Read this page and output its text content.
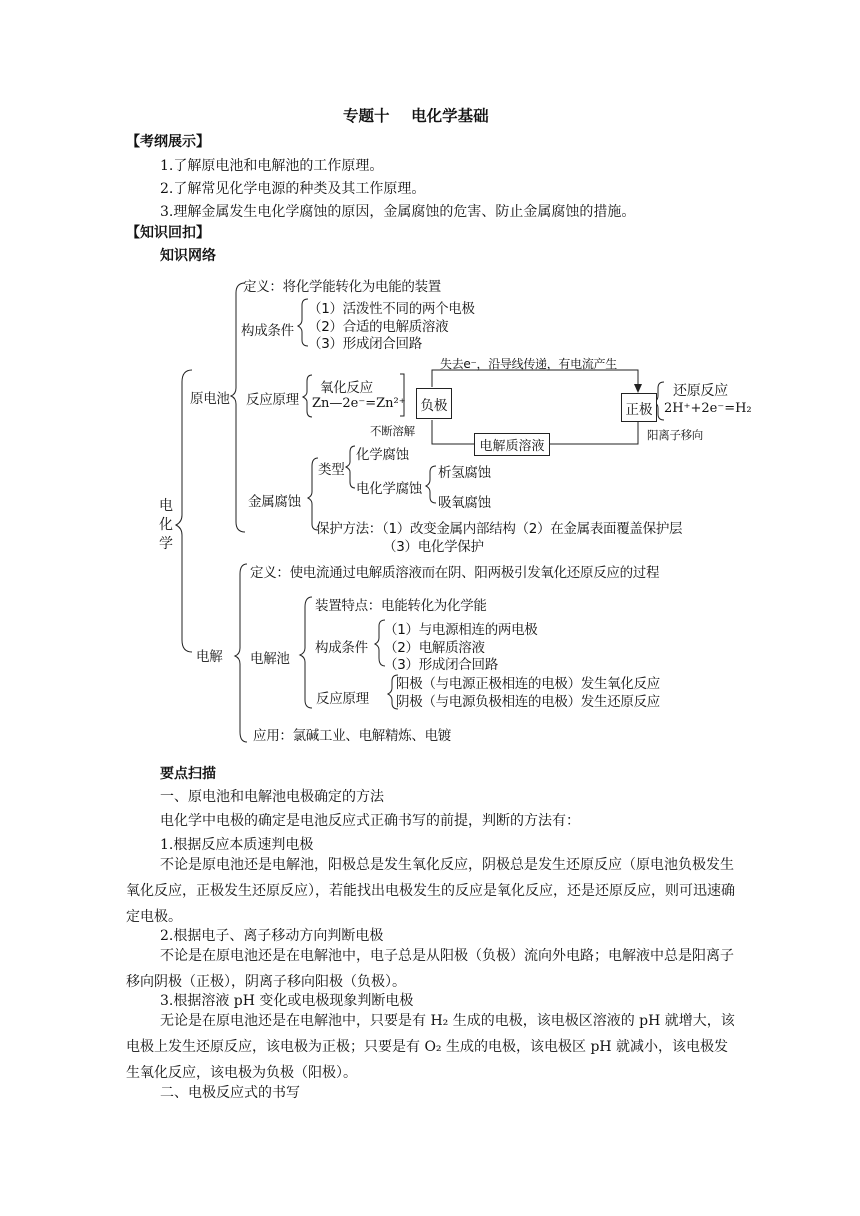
专题十    电化学基础
【考纲展示】
1.了解原电池和电解池的工作原理。
2.了解常见化学电源的种类及其工作原理。
3.理解金属发生电化学腐蚀的原因，金属腐蚀的危害、防止金属腐蚀的措施。
【知识回扣】
知识网络
电化学
原电池
定义：将化学能转化为电能的装置
构成条件
（1）活泼性不同的两个电极
（2）合适的电解质溶液
（3）形成闭合回路
反应原理
氧化反应
Zn—2e⁻=Zn²⁺
不断溶解
负极	正极
失去e⁻，沿导线传递，有电流产生
电解质溶液
阳离子移向
还原反应
2H⁺+2e⁻=H₂
金属腐蚀
类型
化学腐蚀
电化学腐蚀
析氢腐蚀
吸氧腐蚀
保护方法：（1）改变金属内部结构（2）在金属表面覆盖保护层
（3）电化学保护
电解
定义：使电流通过电解质溶液而在阴、阳两极引发氧化还原反应的过程
电解池
装置特点：电能转化为化学能
构成条件
（1）与电源相连的两电极
（2）电解质溶液
（3）形成闭合回路
反应原理
阳极（与电源正极相连的电极）发生氧化反应
阴极（与电源负极相连的电极）发生还原反应
应用：氯碱工业、电解精炼、电镀
要点扫描
一、原电池和电解池电极确定的方法
电化学中电极的确定是电池反应式正确书写的前提，判断的方法有：
1.根据反应本质速判电极
不论是原电池还是电解池，阳极总是发生氧化反应，阴极总是发生还原反应（原电池负极发生氧化反应，正极发生还原反应），若能找出电极发生的反应是氧化反应，还是还原反应，则可迅速确定电极。
2.根据电子、离子移动方向判断电极
不论是在原电池还是在电解池中，电子总是从阳极（负极）流向外电路；电解液中总是阳离子移向阴极（正极），阴离子移向阳极（负极）。
3.根据溶液 pH 变化或电极现象判断电极
无论是在原电池还是在电解池中，只要是有 H₂ 生成的电极，该电极区溶液的 pH 就增大，该电极上发生还原反应，该电极为正极；只要是有 O₂ 生成的电极，该电极区 pH 就减小，该电极发生氧化反应，该电极为负极（阳极）。
二、电极反应式的书写
